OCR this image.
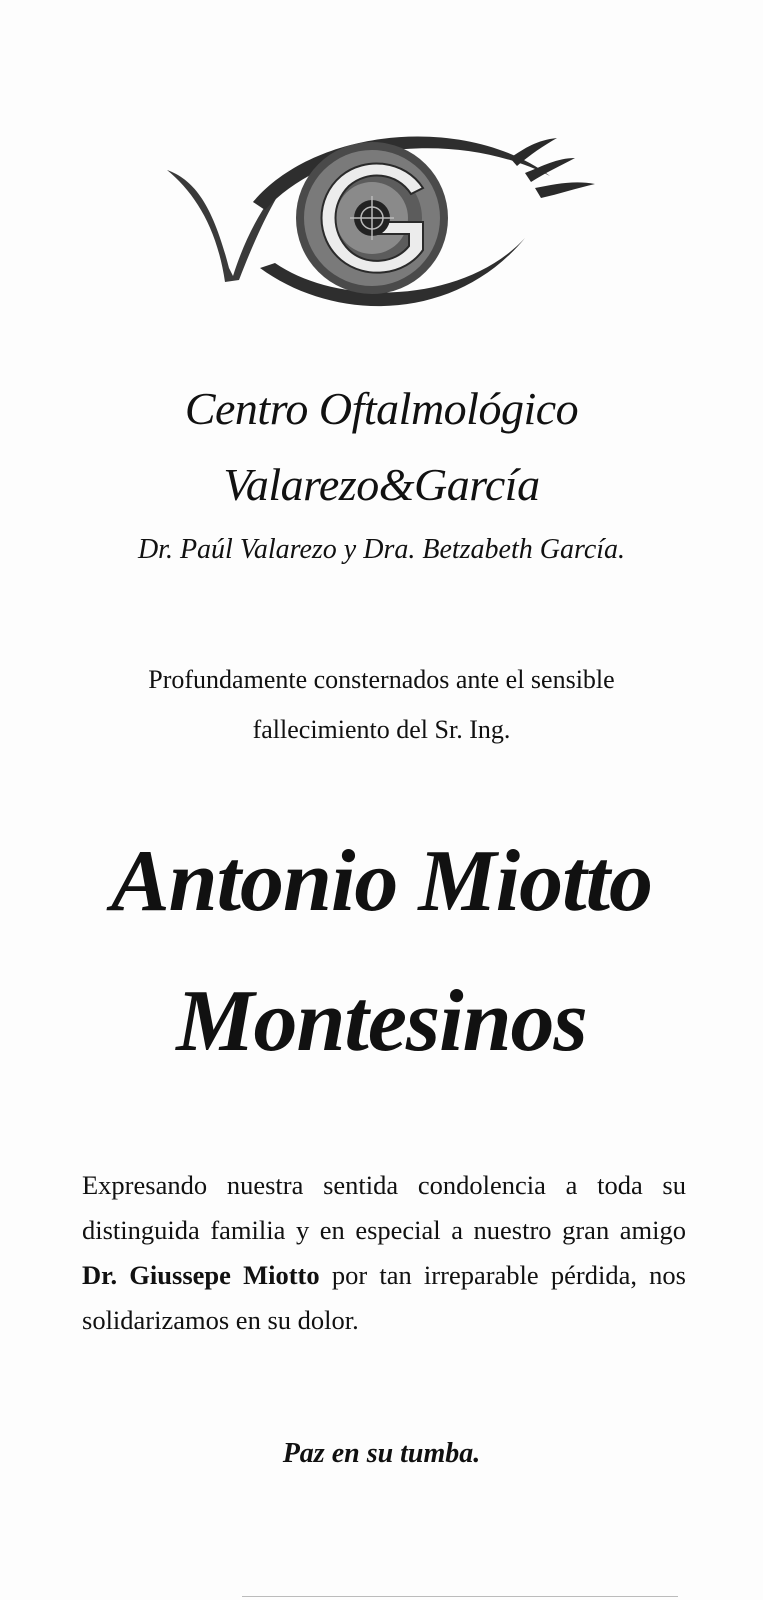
Centro Oftalmológico
Valarezo&García
Dr. Paúl Valarezo y Dra. Betzabeth García.
Profundamente consternados ante el sensible
fallecimiento del Sr. Ing.
Antonio Miotto
Montesinos
Expresando nuestra sentida condolencia a toda su distinguida familia y en especial a nuestro gran amigo Dr. Giussepe Miotto por tan irreparable pérdida, nos solidarizamos en su dolor.
Paz en su tumba.
